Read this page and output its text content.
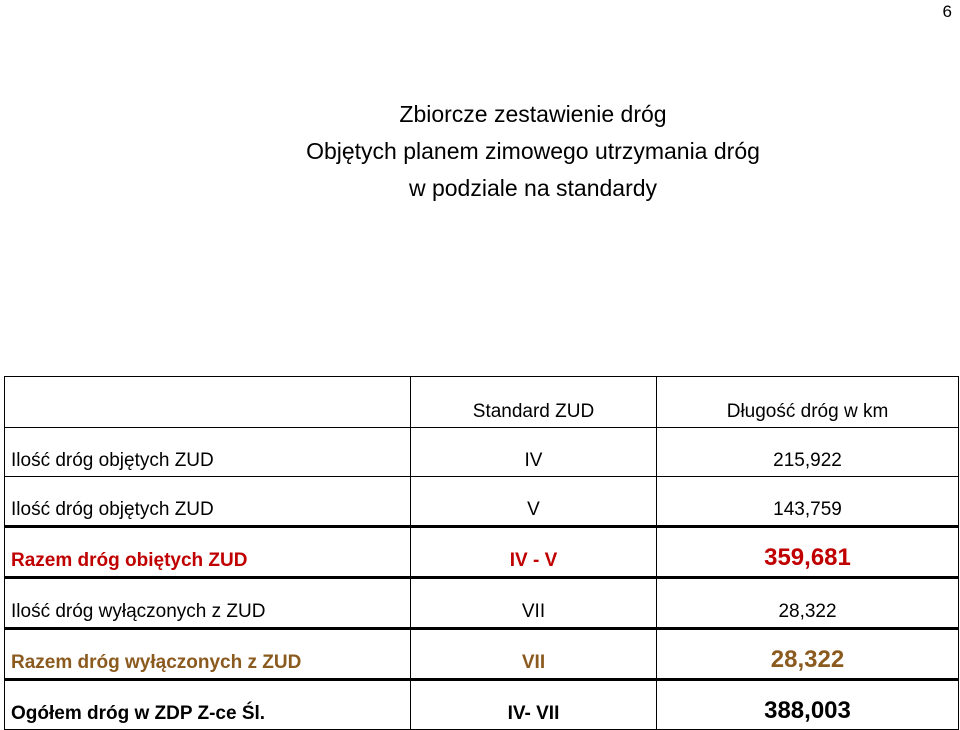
6
Zbiorcze zestawienie dróg
Objętych planem zimowego utrzymania dróg
w podziale na standardy
	Standard ZUD	Długość dróg w km
Ilość dróg objętych ZUD	IV	215,922
Ilość dróg objętych ZUD	V	143,759
Razem dróg obiętych ZUD	IV - V	359,681
Ilość dróg wyłączonych z ZUD	VII	28,322
Razem dróg wyłączonych z ZUD	VII	28,322
Ogółem dróg w ZDP Z-ce Śl.	IV- VII	388,003
